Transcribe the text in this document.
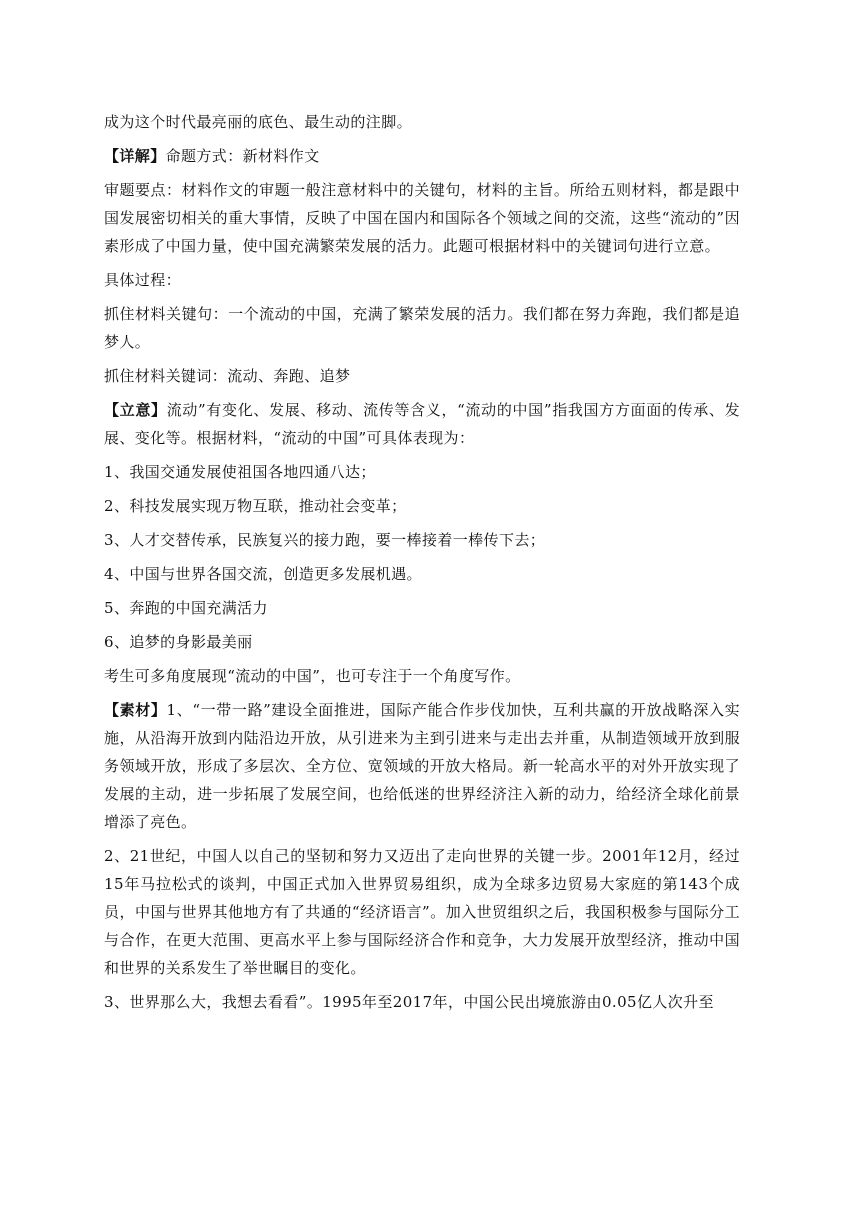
成为这个时代最亮丽的底色、最生动的注脚。

【详解】命题方式：新材料作文

审题要点：材料作文的审题一般注意材料中的关键句，材料的主旨。所给五则材料，都是跟中国发展密切相关的重大事情，反映了中国在国内和国际各个领域之间的交流，这些“流动的”因素形成了中国力量，使中国充满繁荣发展的活力。此题可根据材料中的关键词句进行立意。

具体过程：

抓住材料关键句：一个流动的中国，充满了繁荣发展的活力。我们都在努力奔跑，我们都是追梦人。

抓住材料关键词：流动、奔跑、追梦

【立意】流动”有变化、发展、移动、流传等含义，“流动的中国”指我国方方面面的传承、发展、变化等。根据材料，“流动的中国”可具体表现为：

1、我国交通发展使祖国各地四通八达；

2、科技发展实现万物互联，推动社会变革；

3、人才交替传承，民族复兴的接力跑，要一棒接着一棒传下去；

4、中国与世界各国交流，创造更多发展机遇。

5、奔跑的中国充满活力

6、追梦的身影最美丽

考生可多角度展现“流动的中国”，也可专注于一个角度写作。

【素材】1、“一带一路”建设全面推进，国际产能合作步伐加快，互利共赢的开放战略深入实施，从沿海开放到内陆沿边开放，从引进来为主到引进来与走出去并重，从制造领域开放到服务领域开放，形成了多层次、全方位、宽领域的开放大格局。新一轮高水平的对外开放实现了发展的主动，进一步拓展了发展空间，也给低迷的世界经济注入新的动力，给经济全球化前景增添了亮色。

2、21世纪，中国人以自己的坚韧和努力又迈出了走向世界的关键一步。2001年12月，经过15年马拉松式的谈判，中国正式加入世界贸易组织，成为全球多边贸易大家庭的第143个成员，中国与世界其他地方有了共通的“经济语言”。加入世贸组织之后，我国积极参与国际分工与合作，在更大范围、更高水平上参与国际经济合作和竞争，大力发展开放型经济，推动中国和世界的关系发生了举世瞩目的变化。

3、世界那么大，我想去看看”。1995年至2017年，中国公民出境旅游由0.05亿人次升至
